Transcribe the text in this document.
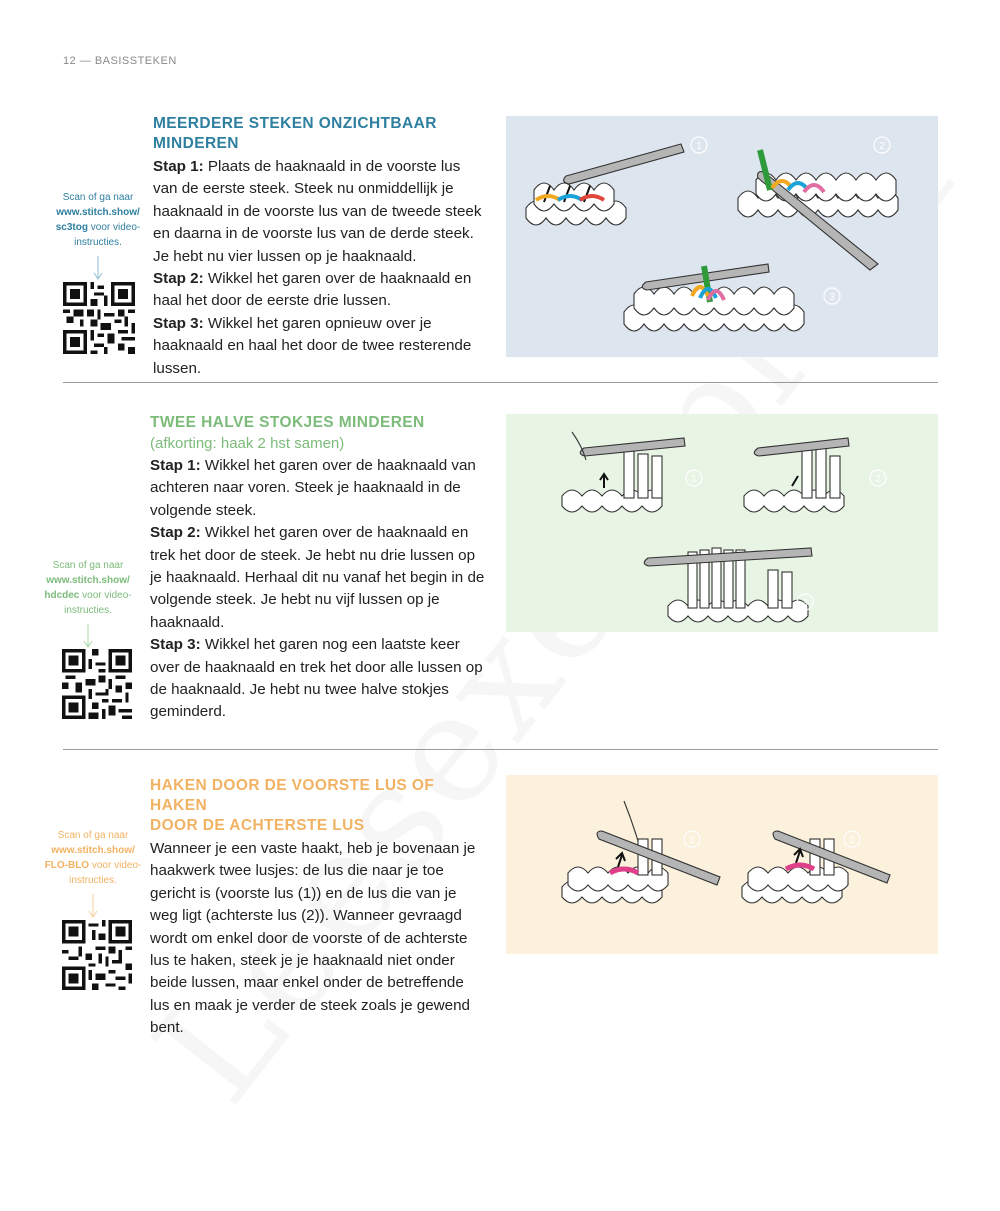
12 — BASISSTEKEN
MEERDERE STEKEN ONZICHTBAAR MINDEREN
Stap 1: Plaats de haaknaald in de voorste lus van de eerste steek. Steek nu onmiddellijk je haaknaald in de voorste lus van de tweede steek en daarna in de voorste lus van de derde steek. Je hebt nu vier lussen op je haaknaald.
Stap 2: Wikkel het garen over de haaknaald en haal het door de eerste drie lussen.
Stap 3: Wikkel het garen opnieuw over je haaknaald en haal het door de twee resterende lussen.
Scan of ga naar
www.stitch.show/
sc3tog voor video-instructies.
1	2
3
TWEE HALVE STOKJES MINDEREN
(afkorting: haak 2 hst samen)
Stap 1: Wikkel het garen over de haaknaald van achteren naar voren. Steek je haaknaald in de volgende steek.
Stap 2: Wikkel het garen over de haaknaald en trek het door de steek. Je hebt nu drie lussen op je haaknaald. Herhaal dit nu vanaf het begin in de volgende steek. Je hebt nu vijf lussen op je haaknaald.
Stap 3: Wikkel het garen nog een laatste keer over de haaknaald en trek het door alle lussen op de haaknaald. Je hebt nu twee halve stokjes geminderd.
Scan of ga naar
www.stitch.show/
hdcdec voor video-instructies.
1	2
3
HAKEN DOOR DE VOORSTE LUS OF HAKEN
DOOR DE ACHTERSTE LUS
Wanneer je een vaste haakt, heb je bovenaan je haakwerk twee lusjes: de lus die naar je toe gericht is (voorste lus (1)) en de lus die van je weg ligt (achterste lus (2)). Wanneer gevraagd wordt om enkel door de voorste of de achterste lus te haken, steek je je haaknaald niet onder beide lussen, maar enkel onder de betreffende lus en maak je verder de steek zoals je gewend bent.
Scan of ga naar
www.stitch.show/
FLO-BLO voor video-instructies.
1	2
